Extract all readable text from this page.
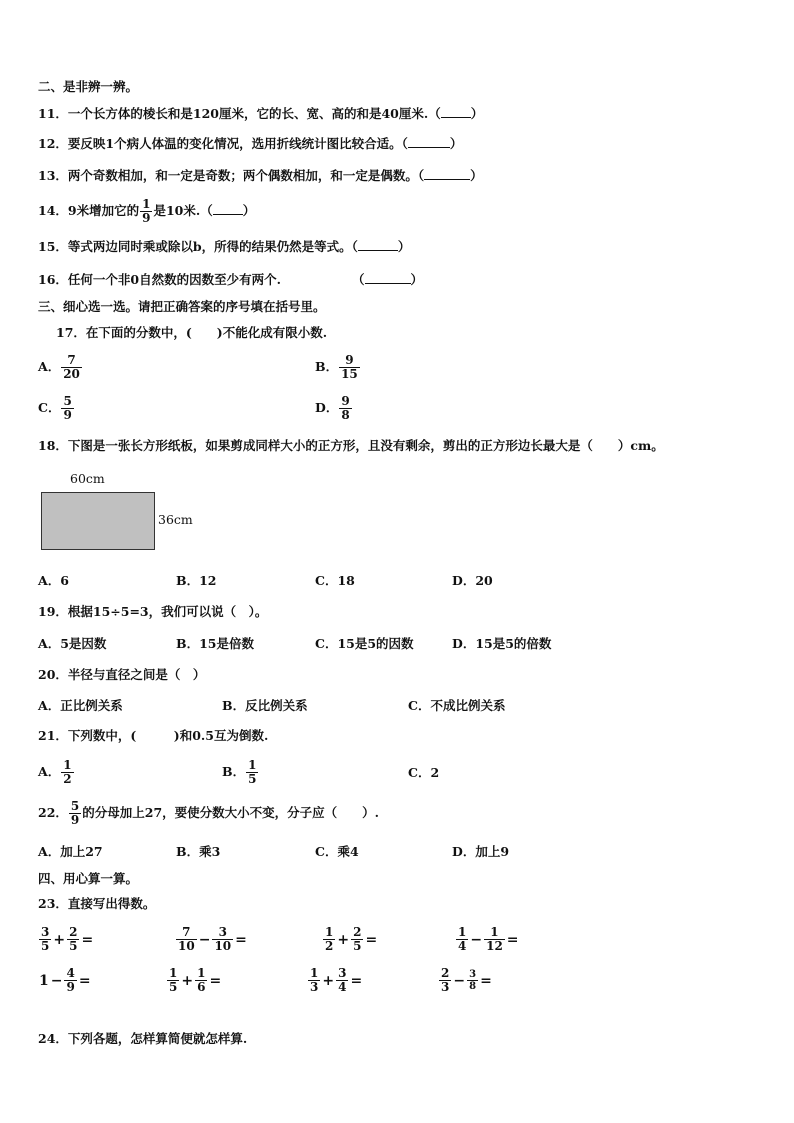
二、是非辨一辨。
11．一个长方体的棱长和是120厘米，它的长、宽、高的和是40厘米.（ ）
12．要反映1个病人体温的变化情况，选用折线统计图比较合适。（	）
13．两个奇数相加，和一定是奇数；两个偶数相加，和一定是偶数。（	）
14．9米增加它的 $\frac{1}{9}$ 是10米.（ ）
15．等式两边同时乘或除以b，所得的结果仍然是等式。（	）
16．任何一个非0自然数的因数至少有两个.	（	）
三、细心选一选。请把正确答案的序号填在括号里。
17．在下面的分数中，(　　)不能化成有限小数.
A． $\frac{7}{20}$	B． $\frac{9}{15}$
C． $\frac{5}{9}$	D． $\frac{9}{8}$
18．下图是一张长方形纸板，如果剪成同样大小的正方形，且没有剩余，剪出的正方形边长最大是（　　）cm。
60cm
36cm
A．6	B．12	C．18	D．20
19．根据15÷5=3，我们可以说（　）。
A．5是因数	B．15是倍数	C．15是5的因数	D．15是5的倍数
20．半径与直径之间是（　）
A．正比例关系	B．反比例关系	C．不成比例关系
21．下列数中，(　　　)和0.5互为倒数.
A． $\frac{1}{2}$	B． $\frac{1}{5}$	C．2
22． $\frac{5}{9}$ 的分母加上27，要使分数大小不变，分子应（　　）.
A．加上27	B．乘3	C．乘4	D．加上9
四、用心算一算。
23．直接写出得数。
$\frac{3}{5} + \frac{2}{5}$ =	$\frac{7}{10} - \frac{3}{10}$ =	$\frac{1}{2} + \frac{2}{5}$ =	$\frac{1}{4} - \frac{1}{12}$ =
$1 - \frac{4}{9}$ =	$\frac{1}{5} + \frac{1}{6}$ =	$\frac{1}{3} + \frac{3}{4}$ =	$\frac{2}{3} - \frac{3}{8}$ =
24．下列各题，怎样算简便就怎样算.
